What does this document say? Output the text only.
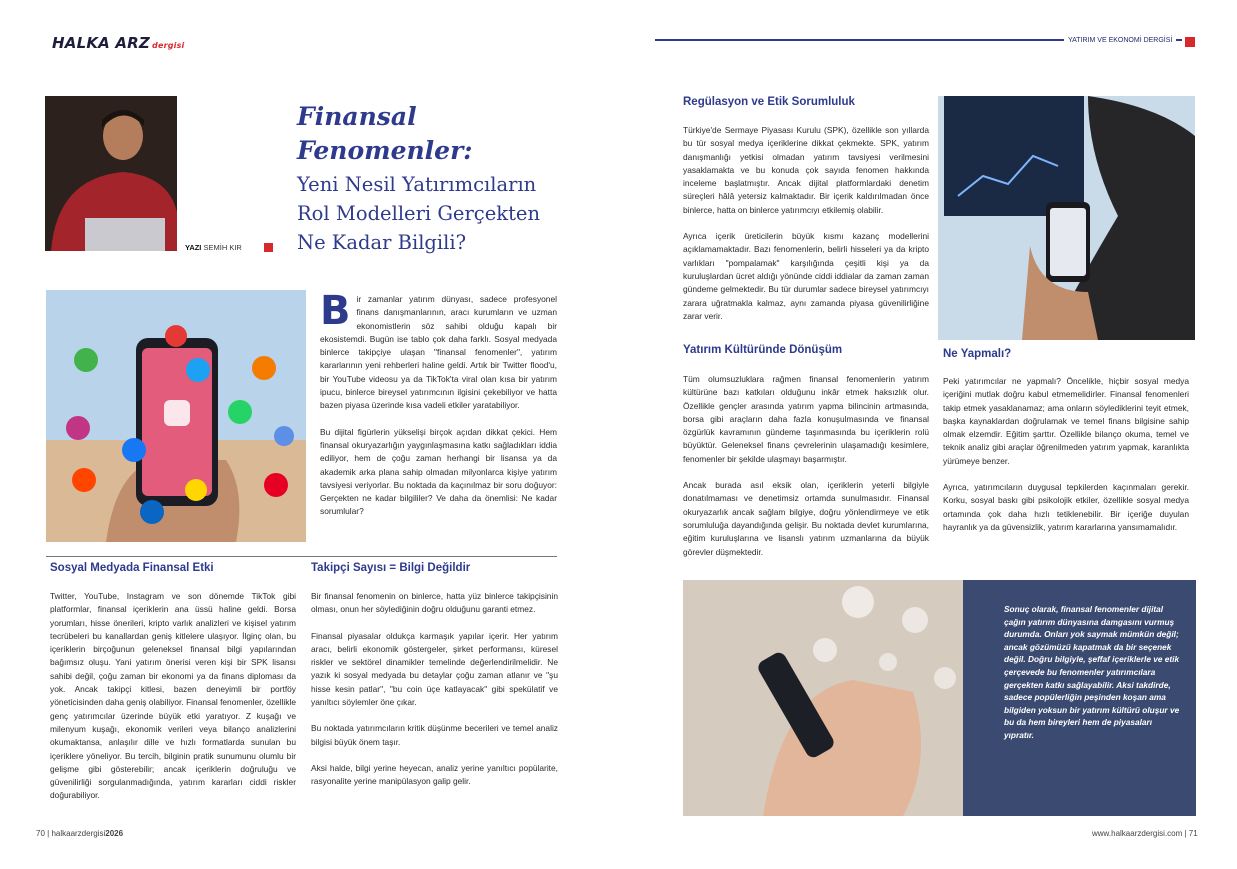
HALKA ARZ dergisi
YATIRIM VE EKONOMİ DERGİSİ
YAZI SEMİH KIR
Finansal
Fenomenler:
Yeni Nesil Yatırımcıların
Rol Modelleri Gerçekten
Ne Kadar Bilgili?
Bir zamanlar yatırım dünyası, sadece profesyonel finans danışmanlarının, aracı kurumların ve uzman ekonomistlerin söz sahibi olduğu kapalı bir ekosistemdi. Bugün ise tablo çok daha farklı. Sosyal medyada binlerce takipçiye ulaşan "finansal fenomenler", yatırım kararlarının yeni rehberleri haline geldi. Artık bir Twitter flood'u, bir YouTube videosu ya da TikTok'ta viral olan kısa bir yatırım ipucu, binlerce bireysel yatırımcının ilgisini çekebiliyor ve hatta bazen piyasa üzerinde kısa vadeli etkiler yaratabiliyor.
Bu dijital figürlerin yükselişi birçok açıdan dikkat çekici. Hem finansal okuryazarlığın yaygınlaşmasına katkı sağladıkları iddia ediliyor, hem de çoğu zaman herhangi bir lisansa ya da akademik arka plana sahip olmadan milyonlarca kişiye yatırım tavsiyesi veriyorlar. Bu noktada da kaçınılmaz bir soru doğuyor: Gerçekten ne kadar bilgililer? Ve daha da önemlisi: Ne kadar sorumlular?
Sosyal Medyada Finansal Etki
Twitter, YouTube, Instagram ve son dönemde TikTok gibi platformlar, finansal içeriklerin ana üssü haline geldi. Borsa yorumları, hisse önerileri, kripto varlık analizleri ve kişisel yatırım tecrübeleri bu kanallardan geniş kitlelere ulaşıyor. İlginç olan, bu içeriklerin birçoğunun geleneksel finansal bilgi yapılarından bağımsız oluşu. Yani yatırım önerisi veren kişi bir SPK lisansı sahibi değil, çoğu zaman bir ekonomi ya da finans diploması da yok. Ancak takipçi kitlesi, bazen deneyimli bir portföy yöneticisinden daha geniş olabiliyor. Finansal fenomenler, özellikle genç yatırımcılar üzerinde büyük etki yaratıyor. Z kuşağı ve milenyum kuşağı, ekonomik verileri veya bilanço analizlerini okumaktansa, anlaşılır dille ve hızlı formatlarda sunulan bu içeriklere yöneliyor. Bu tercih, bilginin pratik sunumunu olumlu bir gelişme gibi gösterebilir; ancak içeriklerin doğruluğu ve güvenilirliği sorgulanmadığında, yatırım kararları ciddi riskler doğurabiliyor.
Takipçi Sayısı = Bilgi Değildir
Bir finansal fenomenin on binlerce, hatta yüz binlerce takipçisinin olması, onun her söylediğinin doğru olduğunu garanti etmez.
Finansal piyasalar oldukça karmaşık yapılar içerir. Her yatırım aracı, belirli ekonomik göstergeler, şirket performansı, küresel riskler ve sektörel dinamikler temelinde değerlendirilmelidir. Ne yazık ki sosyal medyada bu detaylar çoğu zaman atlanır ve "şu hisse kesin patlar", "bu coin üçe katlayacak" gibi spekülatif ve yanıltıcı söylemler öne çıkar.
Bu noktada yatırımcıların kritik düşünme becerileri ve temel analiz bilgisi büyük önem taşır.
Aksi halde, bilgi yerine heyecan, analiz yerine yanıltıcı popülarite, rasyonalite yerine manipülasyon galip gelir.
70 | halkaarzdergisi2026
Regülasyon ve Etik Sorumluluk
Türkiye'de Sermaye Piyasası Kurulu (SPK), özellikle son yıllarda bu tür sosyal medya içeriklerine dikkat çekmekte. SPK, yatırım danışmanlığı yetkisi olmadan yatırım tavsiyesi verilmesini yasaklamakta ve bu konuda çok sayıda fenomen hakkında inceleme başlatmıştır. Ancak dijital platformlardaki denetim süreçleri hâlâ yetersiz kalmaktadır. Bir içerik kaldırılmadan önce binlerce, hatta on binlerce yatırımcıyı etkilemiş olabilir.
Ayrıca içerik üreticilerin büyük kısmı kazanç modellerini açıklamamaktadır. Bazı fenomenlerin, belirli hisseleri ya da kripto varlıkları "pompalamak" karşılığında çeşitli kişi ya da kuruluşlardan ücret aldığı yönünde ciddi iddialar da zaman zaman gündeme gelmektedir. Bu tür durumlar sadece bireysel yatırımcıyı zarara uğratmakla kalmaz, aynı zamanda piyasa güvenilirliğine zarar verir.
Yatırım Kültüründe Dönüşüm
Tüm olumsuzluklara rağmen finansal fenomenlerin yatırım kültürüne bazı katkıları olduğunu inkâr etmek haksızlık olur. Özellikle gençler arasında yatırım yapma bilincinin artmasında, borsa gibi araçların daha fazla konuşulmasında ve finansal özgürlük kavramının gündeme taşınmasında bu içeriklerin rolü büyüktür. Geleneksel finans çevrelerinin ulaşamadığı kesimlere, fenomenler bir şekilde ulaşmayı başarmıştır.
Ancak burada asıl eksik olan, içeriklerin yeterli bilgiyle donatılmaması ve denetimsiz ortamda sunulmasıdır. Finansal okuryazarlık ancak sağlam bilgiye, doğru yönlendirmeye ve etik sorumluluğa dayandığında gelişir. Bu noktada devlet kurumlarına, eğitim kuruluşlarına ve lisanslı yatırım uzmanlarına da büyük görevler düşmektedir.
Ne Yapmalı?
Peki yatırımcılar ne yapmalı? Öncelikle, hiçbir sosyal medya içeriğini mutlak doğru kabul etmemelidirler. Finansal fenomenleri takip etmek yasaklanamaz; ama onların söylediklerini teyit etmek, başka kaynaklardan doğrulamak ve temel finans bilgisine sahip olmak elzemdir. Eğitim şarttır. Özellikle bilanço okuma, temel ve teknik analiz gibi araçlar öğrenilmeden yatırım yapmak, karanlıkta yürümeye benzer.
Ayrıca, yatırımcıların duygusal tepkilerden kaçınmaları gerekir. Korku, sosyal baskı gibi psikolojik etkiler, özellikle sosyal medya ortamında çok daha hızlı tetiklenebilir. Bir içeriğe duyulan hayranlık ya da güvensizlik, yatırım kararlarına yansımamalıdır.
Sonuç olarak, finansal fenomenler dijital çağın yatırım dünyasına damgasını vurmuş durumda. Onları yok saymak mümkün değil; ancak gözümüzü kapatmak da bir seçenek değil. Doğru bilgiyle, şeffaf içeriklerle ve etik çerçevede bu fenomenler yatırımcılara gerçekten katkı sağlayabilir. Aksi takdirde, sadece popülerliğin peşinden koşan ama bilgiden yoksun bir yatırım kültürü oluşur ve bu da hem bireyleri hem de piyasaları yıpratır.
www.halkaarzdergisi.com | 71
